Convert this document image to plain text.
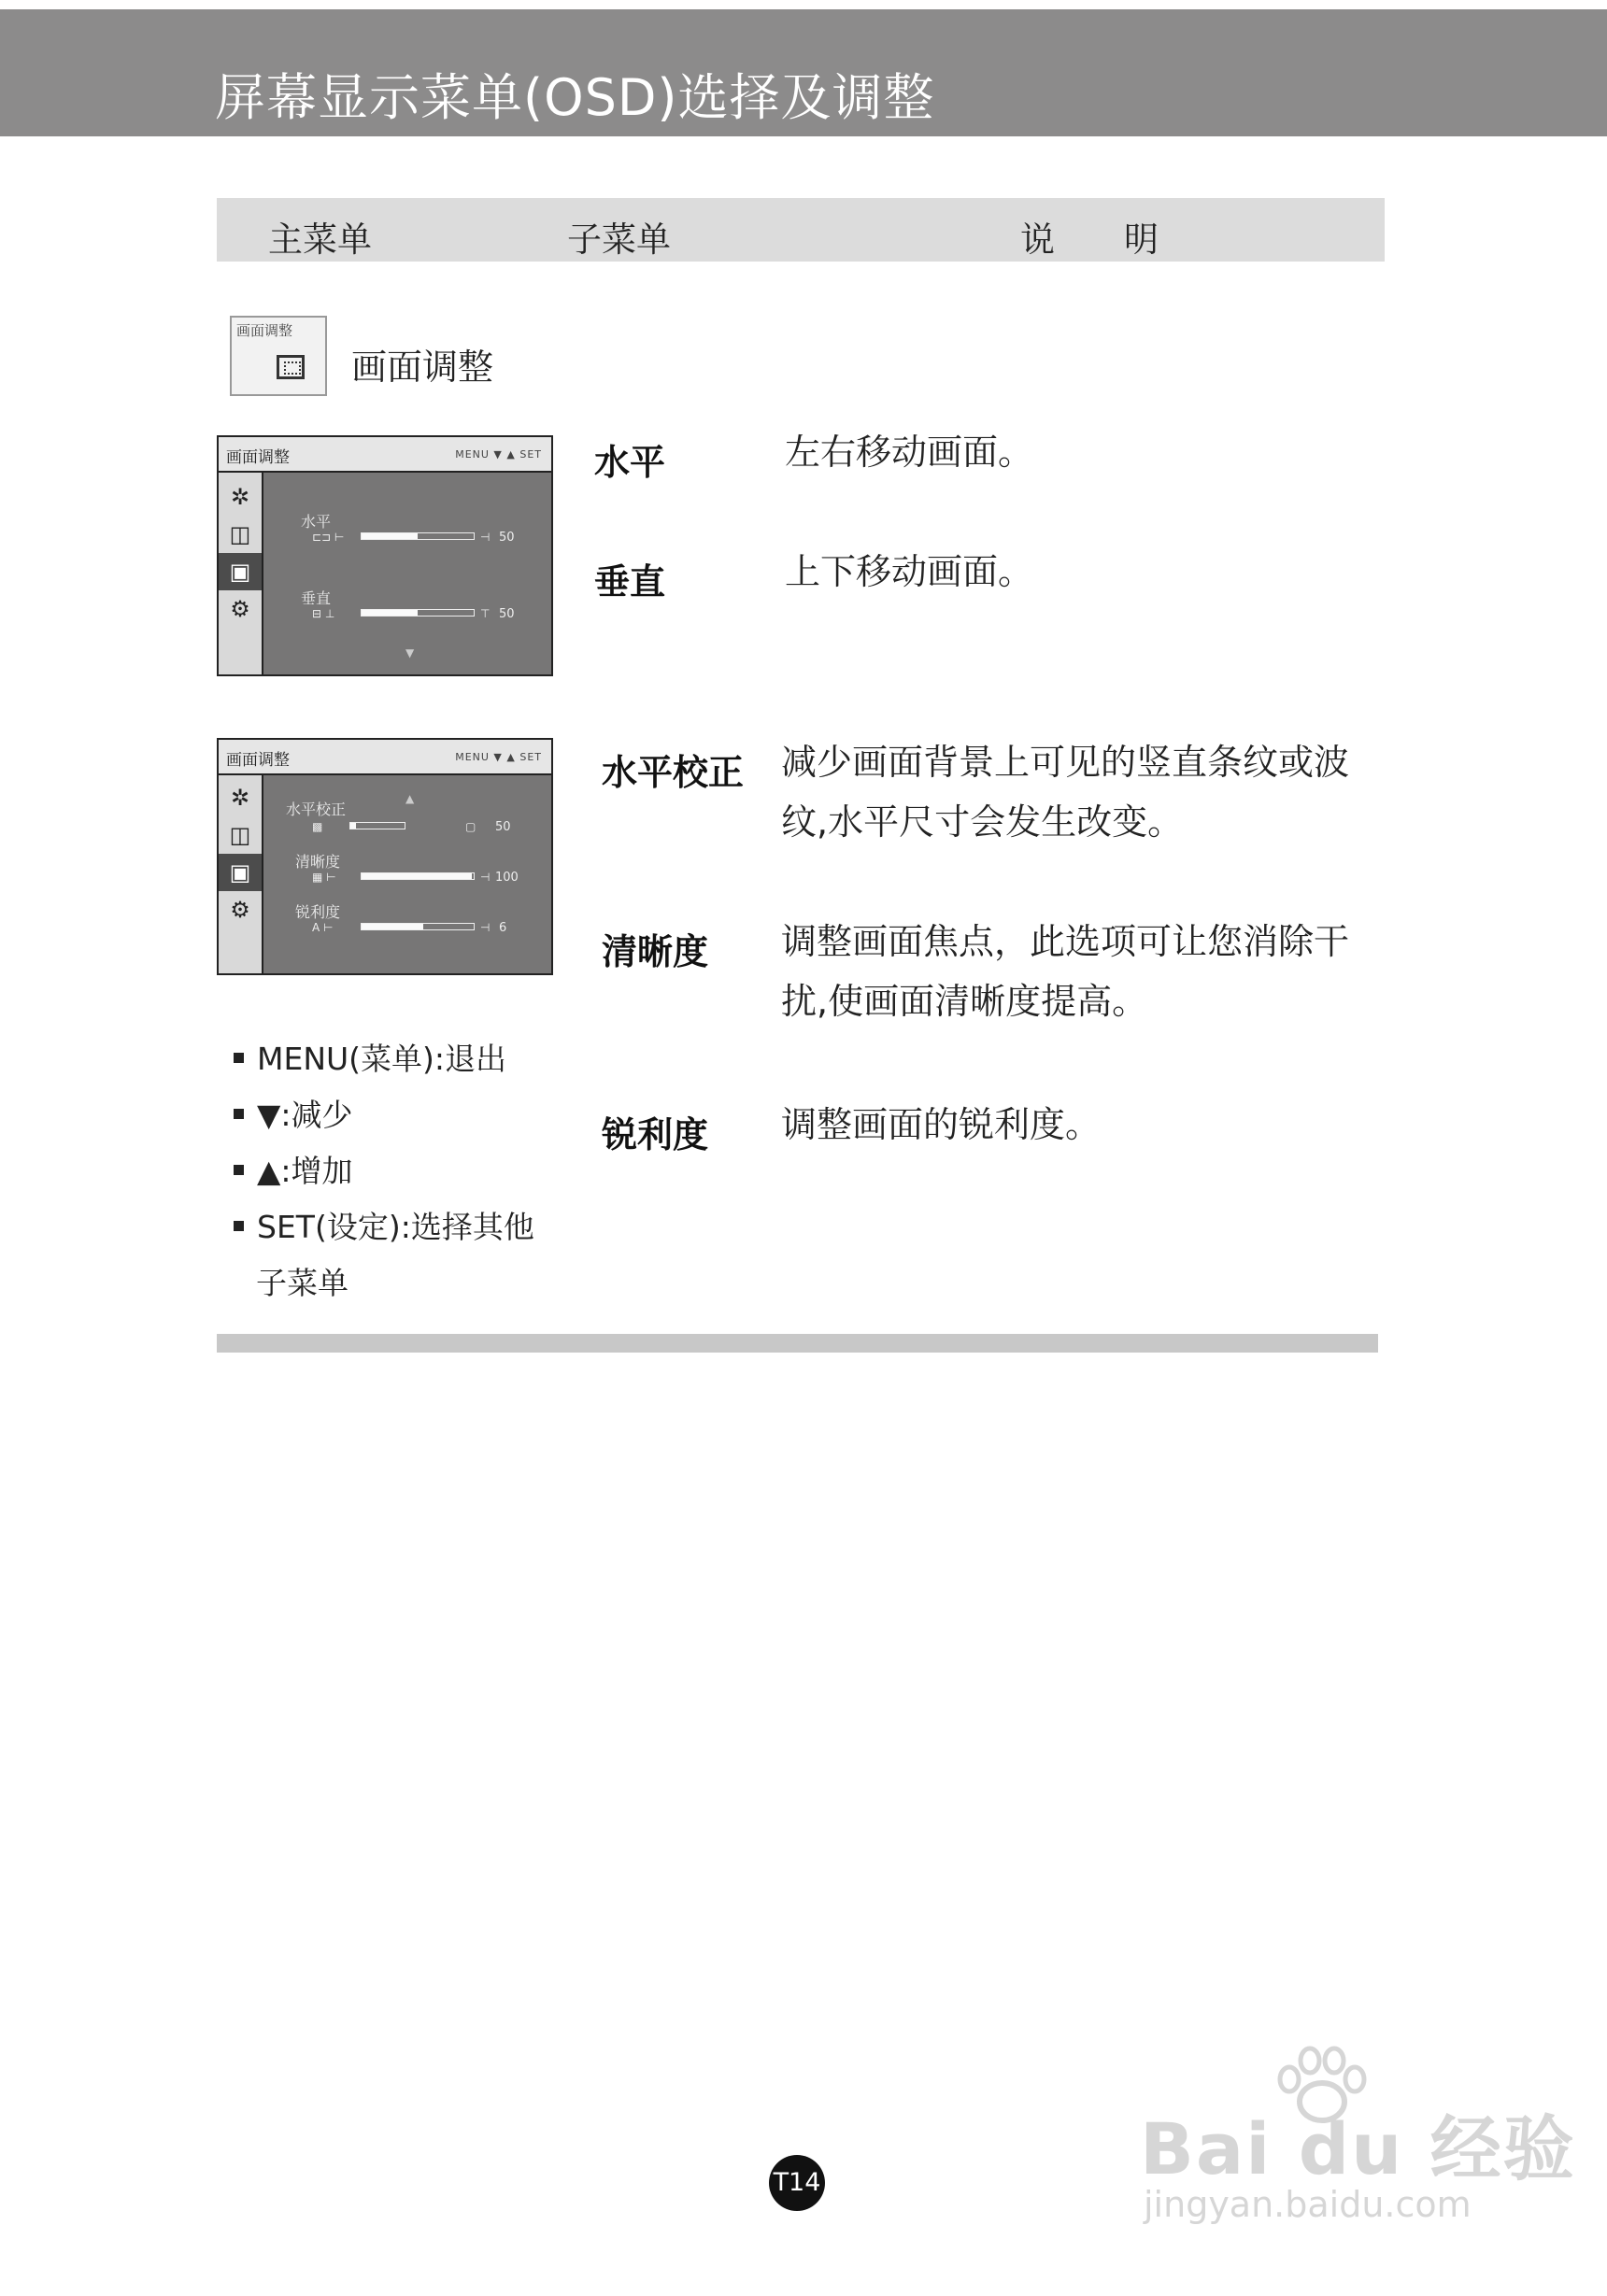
屏幕显示菜单(OSD)选择及调整
主菜单	子菜单	说　　明
画面调整
画面调整
画面调整	MENU ▼ ▲ SET
✲
◫
▣
⚙
水平
⊏⊐ ⊢	⊣ 50
垂直
⊟ ⊥	⊤ 50
▼
画面调整	MENU ▼ ▲ SET
✲
◫
▣
⚙
▲
水平校正
▩	▢ 50
清晰度
▦ ⊢	⊣ 100
锐利度
A ⊢	⊣ 6
水平	左右移动画面。
垂直	上下移动画面。
水平校正 减少画面背景上可见的竖直条纹或波纹,水平尺寸会发生改变。
清晰度 调整画面焦点，此选项可让您消除干扰,使画面清晰度提高。
锐利度 调整画面的锐利度。
MENU(菜单):退出
▼:减少
▲:增加
SET(设定):选择其他
子菜单
T14	Bai du 经验
jingyan.baidu.com
